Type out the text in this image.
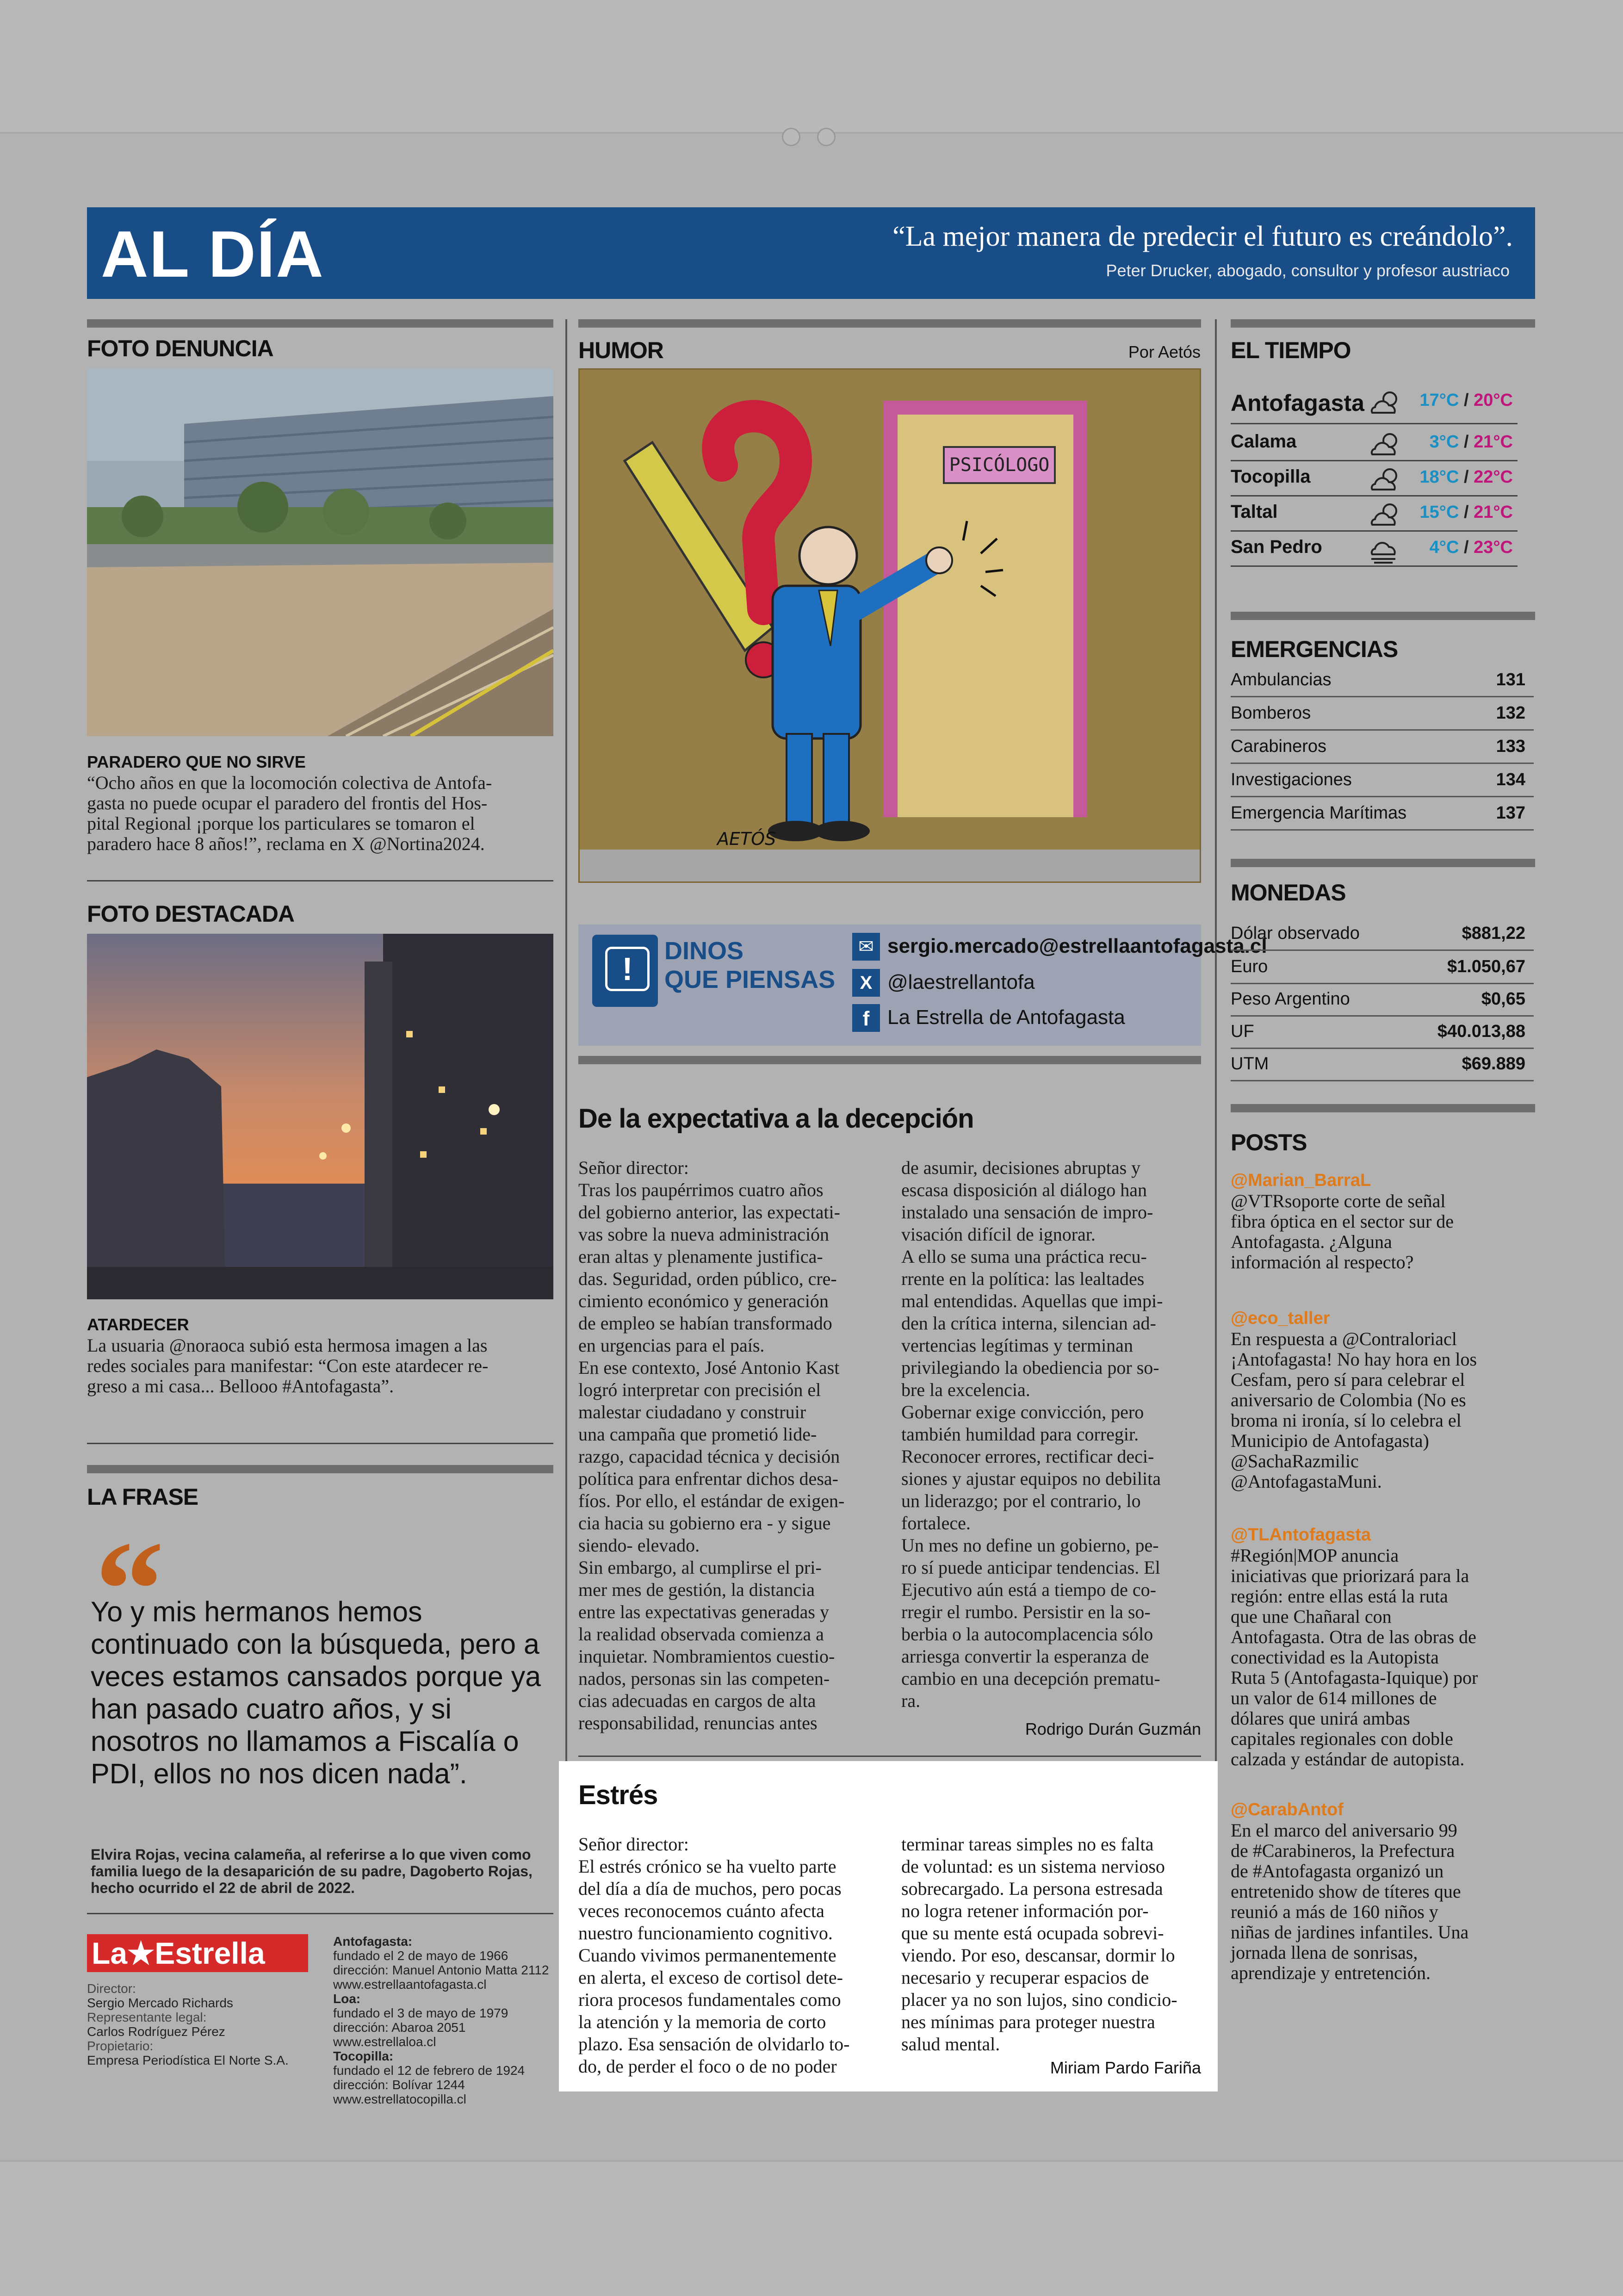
AL DÍA	“La mejor manera de predecir el futuro es creándolo”.
Peter Drucker, abogado, consultor y profesor austriaco
FOTO DENUNCIA
PARADERO QUE NO SIRVE

“Ocho años en que la locomoción colectiva de Antofa-

gasta no puede ocupar el paradero del frontis del Hos-

pital Regional ¡porque los particulares se tomaron el

paradero hace 8 años!”, reclama en X @Nortina2024.

FOTO DESTACADA
ATARDECER

La usuaria @noraoca subió esta hermosa imagen a las

redes sociales para manifestar: “Con este atardecer re-

greso a mi casa... Bellooo #Antofagasta”.

LA FRASE
“
Yo y mis hermanos hemos continuado con la búsqueda, pero a veces estamos cansados porque ya han pasado cuatro años, y si nosotros no llamamos a Fiscalía o PDI, ellos no nos dicen nada”.
Elvira Rojas, vecina calameña, al referirse a lo que viven como familia luego de la desaparición de su padre, Dagoberto Rojas, hecho ocurrido el 22 de abril de 2022.
La★Estrella
Director:
Sergio Mercado Richards
Representante legal:
Carlos Rodríguez Pérez
Propietario:
Empresa Periodística El Norte S.A.
Antofagasta:
fundado el 2 de mayo de 1966
dirección: Manuel Antonio Matta 2112
www.estrellaantofagasta.cl
Loa:
fundado el 3 de mayo de 1979
dirección: Abaroa 2051
www.estrellaloa.cl
Tocopilla:
fundado el 12 de febrero de 1924
dirección: Bolívar 1244
www.estrellatocopilla.cl
HUMOR	Por Aetós
PSICÓLOGO
AETÓS
!	DINOS
QUE PIENSAS
✉ sergio.mercado@estrellaantofagasta.cl
X @laestrellantofa
f La Estrella de Antofagasta
De la expectativa a la decepción

Señor director:

Tras los paupérrimos cuatro años

del gobierno anterior, las expectati-

vas sobre la nueva administración

eran altas y plenamente justifica-

das. Seguridad, orden público, cre-

cimiento económico y generación

de empleo se habían transformado

en urgencias para el país.

En ese contexto, José Antonio Kast

logró interpretar con precisión el

malestar ciudadano y construir

una campaña que prometió lide-

razgo, capacidad técnica y decisión

política para enfrentar dichos desa-

fíos. Por ello, el estándar de exigen-

cia hacia su gobierno era - y sigue

siendo- elevado.

Sin embargo, al cumplirse el pri-

mer mes de gestión, la distancia

entre las expectativas generadas y

la realidad observada comienza a

inquietar. Nombramientos cuestio-

nados, personas sin las competen-

cias adecuadas en cargos de alta

responsabilidad, renuncias antes

de asumir, decisiones abruptas y

escasa disposición al diálogo han

instalado una sensación de impro-

visación difícil de ignorar.

A ello se suma una práctica recu-

rrente en la política: las lealtades

mal entendidas. Aquellas que impi-

den la crítica interna, silencian ad-

vertencias legítimas y terminan

privilegiando la obediencia por so-

bre la excelencia.

Gobernar exige convicción, pero

también humildad para corregir.

Reconocer errores, rectificar deci-

siones y ajustar equipos no debilita

un liderazgo; por el contrario, lo

fortalece.

Un mes no define un gobierno, pe-

ro sí puede anticipar tendencias. El

Ejecutivo aún está a tiempo de co-

rregir el rumbo. Persistir en la so-

berbia o la autocomplacencia sólo

arriesga convertir la esperanza de

cambio en una decepción prematu-

ra.

Rodrigo Durán Guzmán
Estrés

Señor director:

El estrés crónico se ha vuelto parte

del día a día de muchos, pero pocas

veces reconocemos cuánto afecta

nuestro funcionamiento cognitivo.

Cuando vivimos permanentemente

en alerta, el exceso de cortisol dete-

riora procesos fundamentales como

la atención y la memoria de corto

plazo. Esa sensación de olvidarlo to-

do, de perder el foco o de no poder

terminar tareas simples no es falta

de voluntad: es un sistema nervioso

sobrecargado. La persona estresada

no logra retener información por-

que su mente está ocupada sobrevi-

viendo. Por eso, descansar, dormir lo

necesario y recuperar espacios de

placer ya no son lujos, sino condicio-

nes mínimas para proteger nuestra

salud mental.

Miriam Pardo Fariña
EL TIEMPO
Antofagasta	17°C / 20°C
Calama	3°C / 21°C
Tocopilla	18°C / 22°C
Taltal	15°C / 21°C
San Pedro	4°C / 23°C
EMERGENCIAS
Ambulancias	131
Bomberos	132
Carabineros	133
Investigaciones	134
Emergencia Marítimas	137
MONEDAS
Dólar observado	$881,22
Euro	$1.050,67
Peso Argentino	$0,65
UF	$40.013,88
UTM	$69.889
POSTS
@Marian_BarraL
@VTRsoporte corte de señal
fibra óptica en el sector sur de
Antofagasta. ¿Alguna
información al respecto?
@eco_taller
En respuesta a @Contraloriacl
¡Antofagasta! No hay hora en los
Cesfam, pero sí para celebrar el
aniversario de Colombia (No es
broma ni ironía, sí lo celebra el
Municipio de Antofagasta)
@SachaRazmilic
@AntofagastaMuni.
@TLAntofagasta
#Región|MOP anuncia
iniciativas que priorizará para la
región: entre ellas está la ruta
que une Chañaral con
Antofagasta. Otra de las obras de
conectividad es la Autopista
Ruta 5 (Antofagasta-Iquique) por
un valor de 614 millones de
dólares que unirá ambas
capitales regionales con doble
calzada y estándar de autopista.
@CarabAntof
En el marco del aniversario 99
de #Carabineros, la Prefectura
de #Antofagasta organizó un
entretenido show de títeres que
reunió a más de 160 niños y
niñas de jardines infantiles. Una
jornada llena de sonrisas,
aprendizaje y entretención.
